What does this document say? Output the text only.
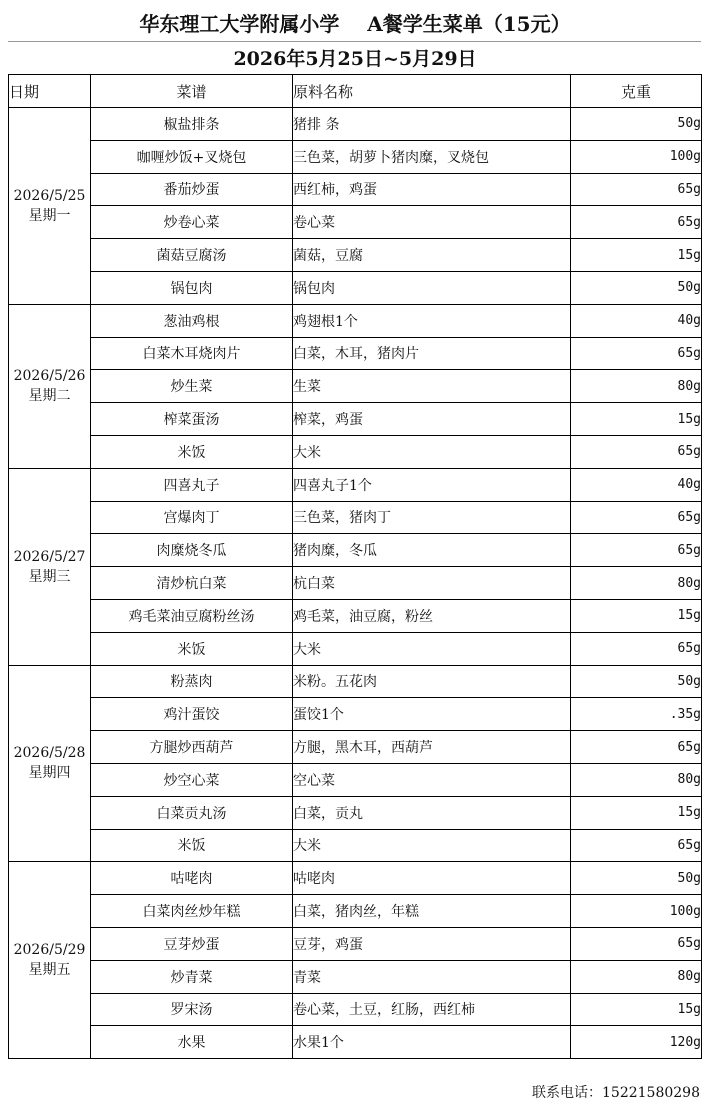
华东理工大学附属小学    A餐学生菜单（15元）
2026年5月25日~5月29日
日期	菜谱	原料名称	克重

2026/5/25
星期一	椒盐排条	猪排 条	50g
	咖喱炒饭+叉烧包	三色菜，胡萝卜猪肉糜，叉烧包	100g
	番茄炒蛋	西红柿，鸡蛋	65g
	炒卷心菜	卷心菜	65g
	菌菇豆腐汤	菌菇，豆腐	15g
	锅包肉	锅包肉	50g

2026/5/26
星期二	葱油鸡根	鸡翅根1个	40g
	白菜木耳烧肉片	白菜，木耳，猪肉片	65g
	炒生菜	生菜	80g
	榨菜蛋汤	榨菜，鸡蛋	15g
	米饭	大米	65g

2026/5/27
星期三	四喜丸子	四喜丸子1个	40g
	宫爆肉丁	三色菜，猪肉丁	65g
	肉糜烧冬瓜	猪肉糜，冬瓜	65g
	清炒杭白菜	杭白菜	80g
	鸡毛菜油豆腐粉丝汤	鸡毛菜，油豆腐，粉丝	15g
	米饭	大米	65g

2026/5/28
星期四	粉蒸肉	米粉。五花肉	50g
	鸡汁蛋饺	蛋饺1个	.35g
	方腿炒西葫芦	方腿，黑木耳，西葫芦	65g
	炒空心菜	空心菜	80g
	白菜贡丸汤	白菜，贡丸	15g
	米饭	大米	65g

2026/5/29
星期五	咕咾肉	咕咾肉	50g
	白菜肉丝炒年糕	白菜，猪肉丝，年糕	100g
	豆芽炒蛋	豆芽，鸡蛋	65g
	炒青菜	青菜	80g
	罗宋汤	卷心菜，土豆，红肠，西红柿	15g
	水果	水果1个	120g
联系电话：15221580298
